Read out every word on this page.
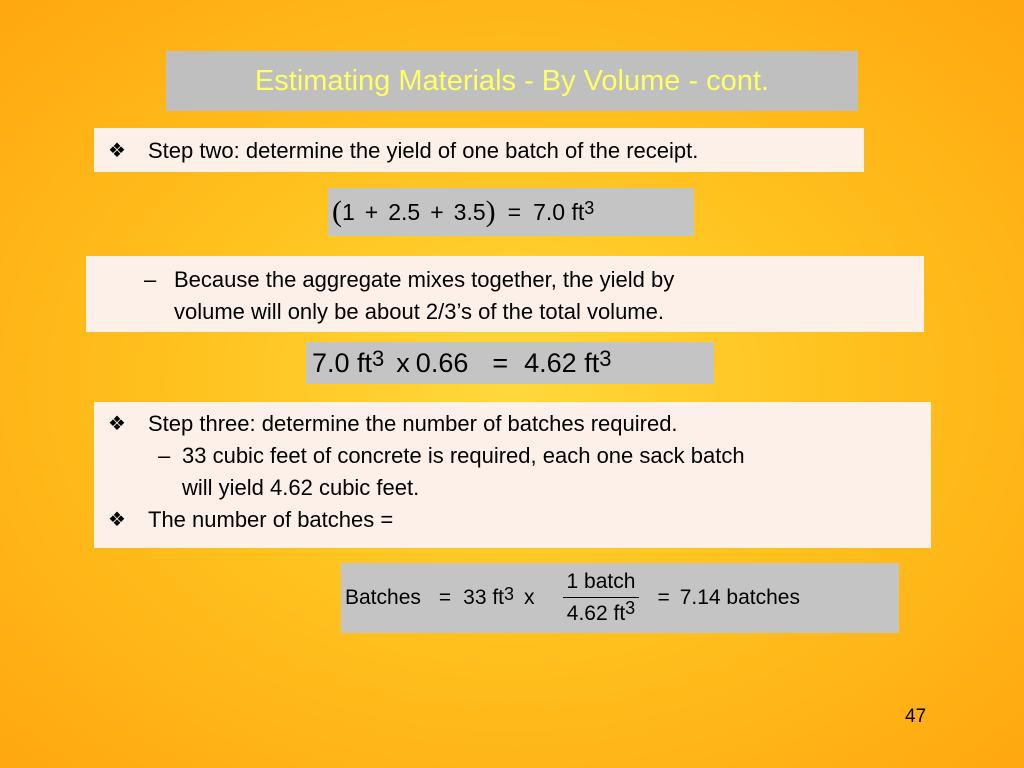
Estimating Materials - By Volume - cont.
❖	Step two: determine the yield of one batch of the receipt.
( 1 + 2.5 + 3.5 ) = 7.0 $ft^3$
– Because the aggregate mixes together, the yield by
volume will only be about 2/3’s of the total volume.
7.0 $ft^3$ x 0.66 = 4.62 $ft^3$
❖	Step three: determine the number of batches required.
– 33 cubic feet of concrete is required, each one sack batch
will yield 4.62 cubic feet.
❖	The number of batches =
Batches = 33 $ft^3$ x $\frac{\text{1 batch}}{4.62 ft^3} = 7.14$ batches
47
